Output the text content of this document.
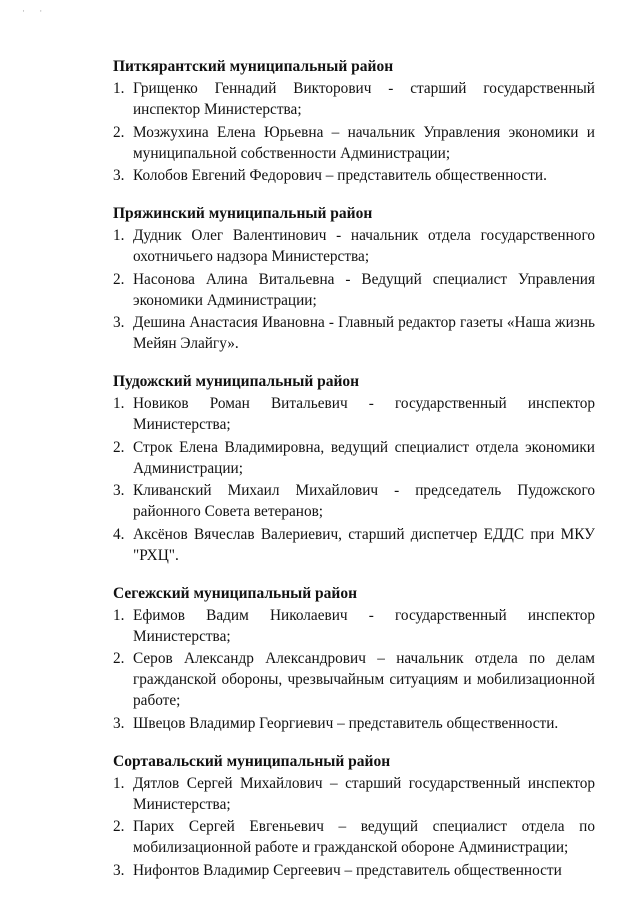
· ·
Питкярантский муниципальный район
1. Грищенко Геннадий Викторович - старший государственный инспектор Министерства;
2. Мозжухина Елена Юрьевна – начальник Управления экономики и муниципальной собственности Администрации;
3. Колобов Евгений Федорович – представитель общественности.
Пряжинский муниципальный район
1. Дудник Олег Валентинович - начальник отдела государственного охотничьего надзора Министерства;
2. Насонова Алина Витальевна - Ведущий специалист Управления экономики Администрации;
3. Дешина Анастасия Ивановна - Главный редактор газеты «Наша жизнь Мейян Элайгу».
Пудожский муниципальный район
1. Новиков Роман Витальевич - государственный инспектор Министерства;
2. Строк Елена Владимировна, ведущий специалист отдела экономики Администрации;
3. Кливанский Михаил Михайлович - председатель Пудожского районного Совета ветеранов;
4. Аксёнов Вячеслав Валериевич, старший диспетчер ЕДДС при МКУ "РХЦ".
Сегежский муниципальный район
1. Ефимов Вадим Николаевич - государственный инспектор Министерства;
2. Серов Александр Александрович – начальник отдела по делам гражданской обороны, чрезвычайным ситуациям и мобилизационной работе;
3. Швецов Владимир Георгиевич – представитель общественности.
Сортавальский муниципальный район
1. Дятлов Сергей Михайлович – старший государственный инспектор Министерства;
2. Парих Сергей Евгеньевич – ведущий специалист отдела по мобилизационной работе и гражданской обороне Администрации;
3. Нифонтов Владимир Сергеевич – представитель общественности
